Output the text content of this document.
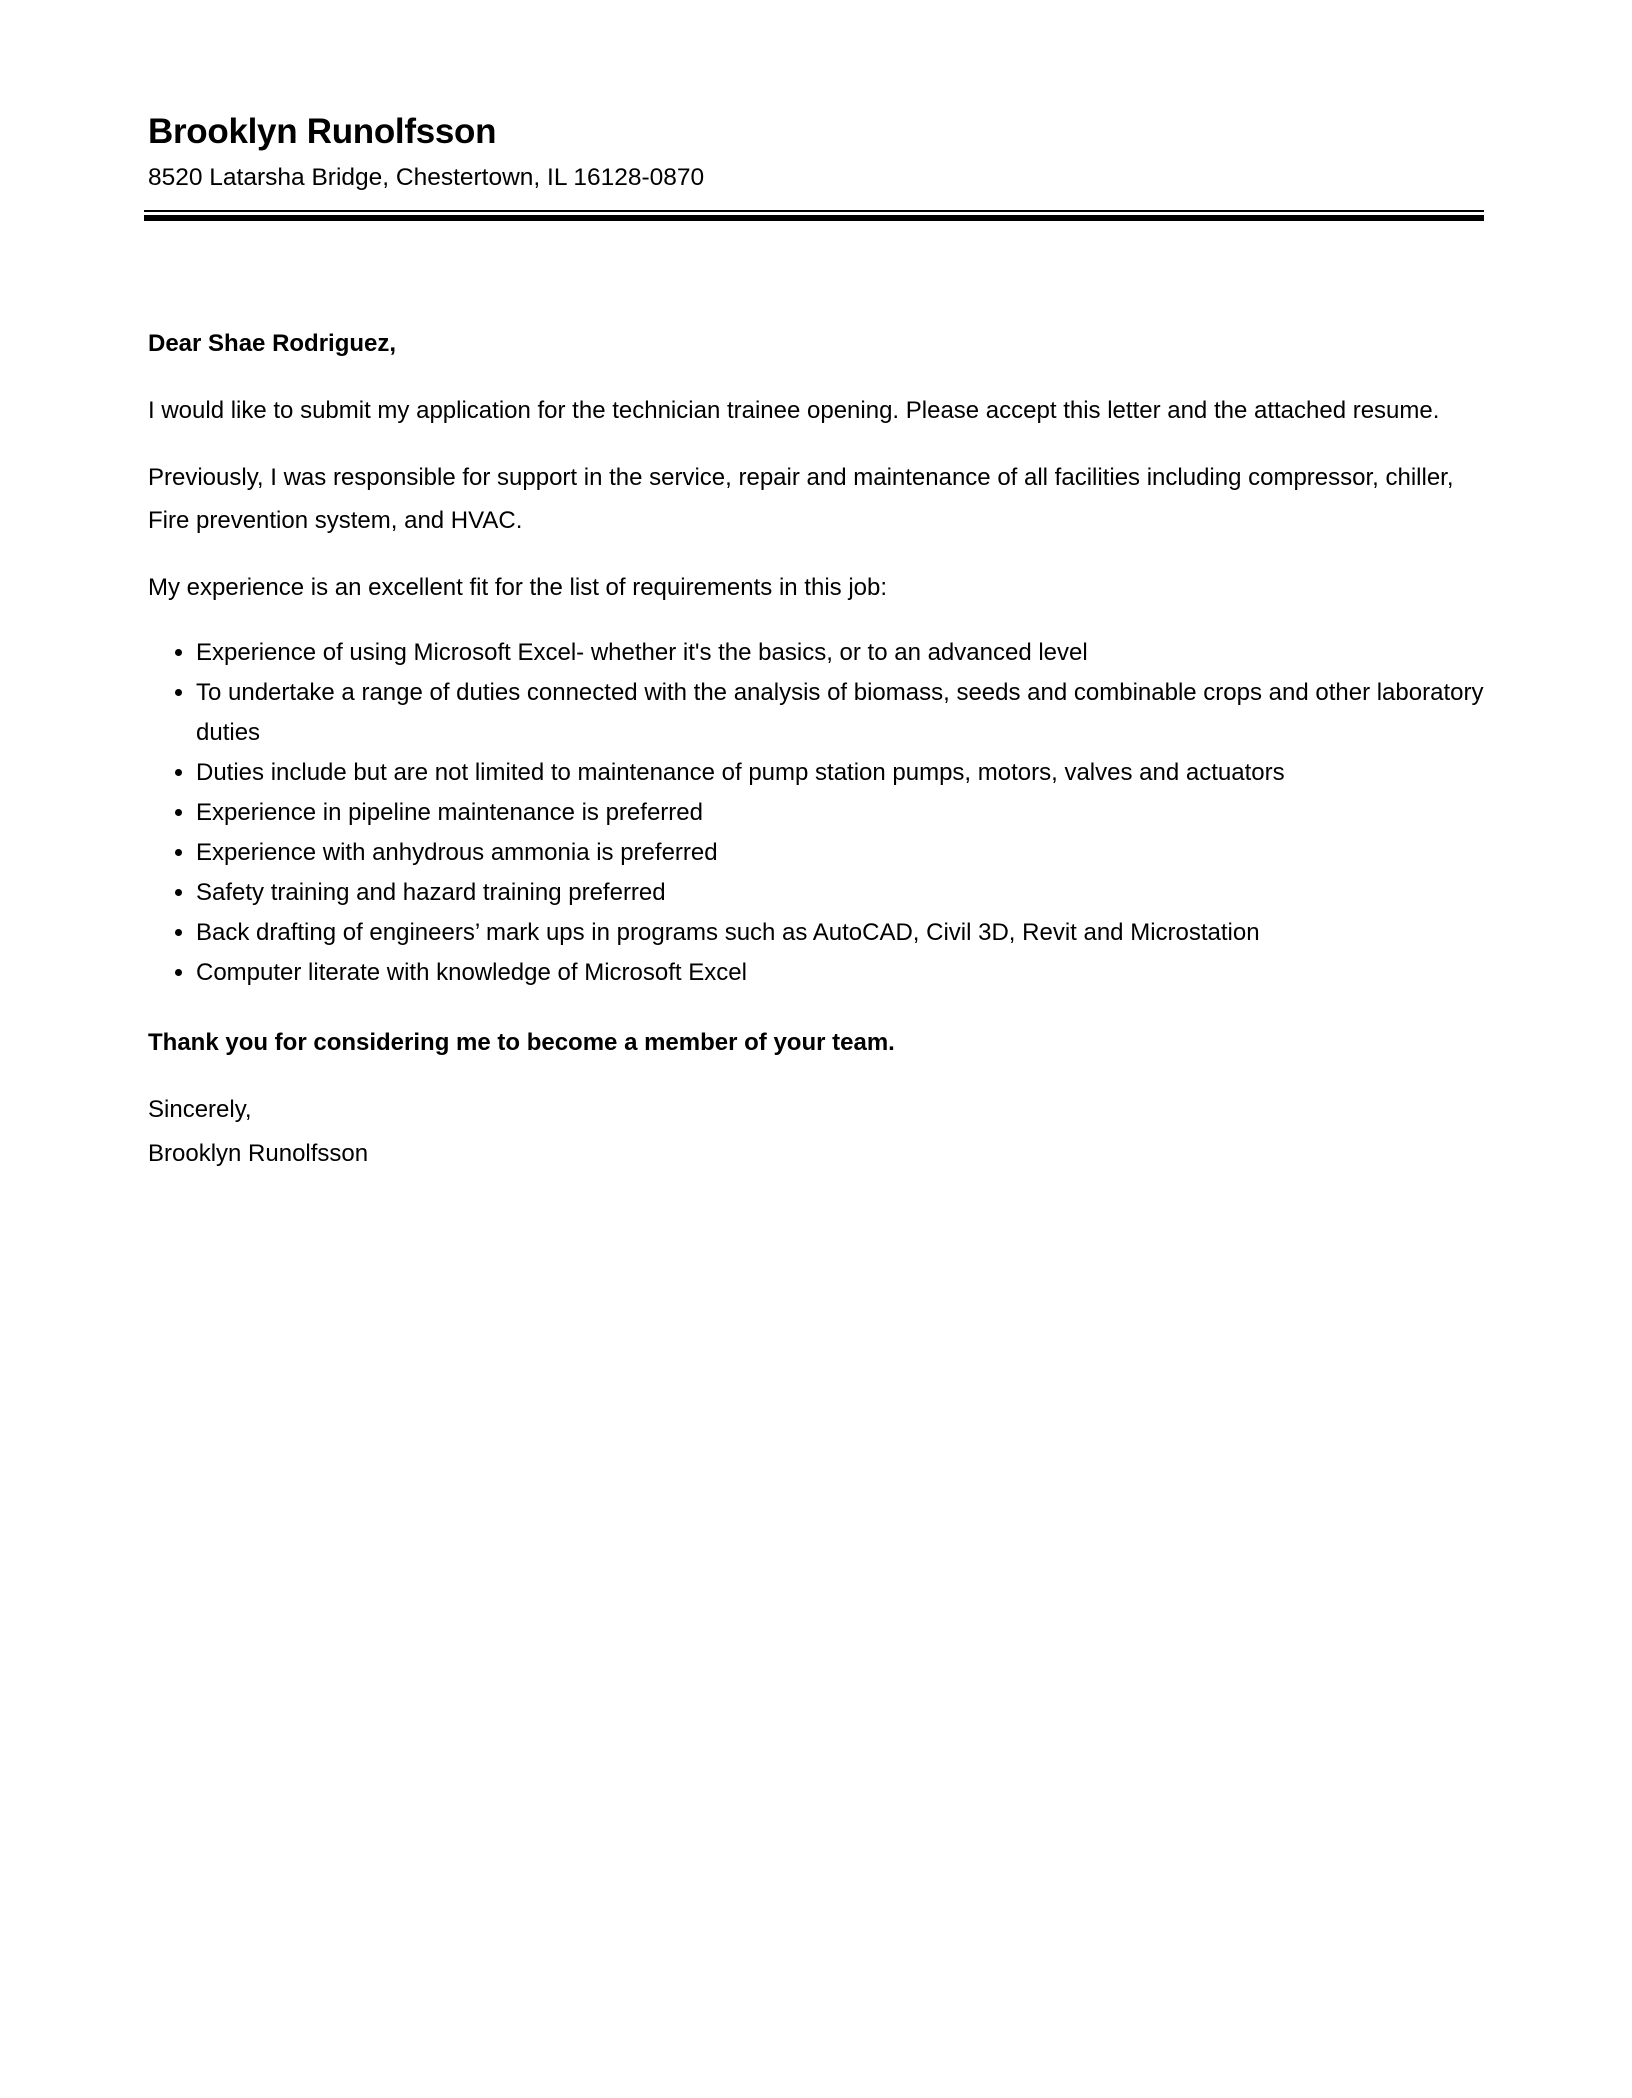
Brooklyn Runolfsson
8520 Latarsha Bridge, Chestertown, IL 16128-0870

Dear Shae Rodriguez,

I would like to submit my application for the technician trainee opening. Please accept this letter and the attached resume.

Previously, I was responsible for support in the service, repair and maintenance of all facilities including compressor, chiller, Fire prevention system, and HVAC.

My experience is an excellent fit for the list of requirements in this job:

• Experience of using Microsoft Excel- whether it's the basics, or to an advanced level
• To undertake a range of duties connected with the analysis of biomass, seeds and combinable crops and other laboratory duties
• Duties include but are not limited to maintenance of pump station pumps, motors, valves and actuators
• Experience in pipeline maintenance is preferred
• Experience with anhydrous ammonia is preferred
• Safety training and hazard training preferred
• Back drafting of engineers’ mark ups in programs such as AutoCAD, Civil 3D, Revit and Microstation
• Computer literate with knowledge of Microsoft Excel

Thank you for considering me to become a member of your team.

Sincerely,
Brooklyn Runolfsson
